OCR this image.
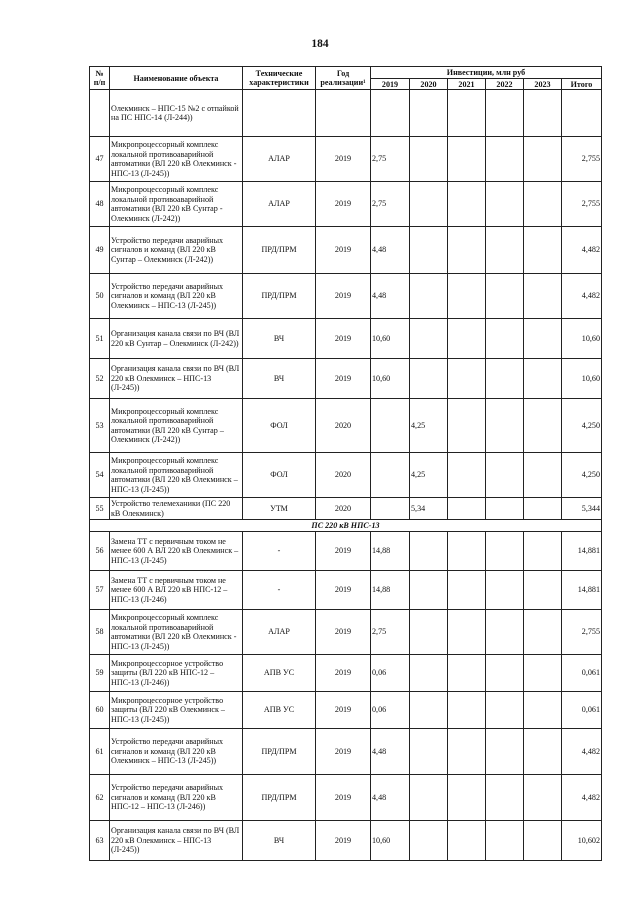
184
№ п/п	Наименование объекта	Технические характеристики	Год реализации¹	Инвестиции, млн руб					
				2019	2020	2021	2022	2023	Итого
	Олекминск – НПС-15 №2 с отпайкой на ПС НПС-14 (Л-244))								
47	Микропроцессорный комплекс локальной противоаварийной автоматики (ВЛ 220 кВ Олекминск - НПС-13 (Л-245))	АЛАР	2019	2,75					2,755
48	Микропроцессорный комплекс локальной противоаварийной автоматики (ВЛ 220 кВ Сунтар - Олекминск (Л-242))	АЛАР	2019	2,75					2,755
49	Устройство передачи аварийных сигналов и команд (ВЛ 220 кВ Сунтар – Олекминск (Л-242))	ПРД/ПРМ	2019	4,48					4,482
50	Устройство передачи аварийных сигналов и команд (ВЛ 220 кВ Олекминск – НПС-13 (Л-245))	ПРД/ПРМ	2019	4,48					4,482
51	Организация канала связи по ВЧ (ВЛ 220 кВ Сунтар – Олекминск (Л-242))	ВЧ	2019	10,60					10,60
52	Организация канала связи по ВЧ (ВЛ 220 кВ Олекминск – НПС-13 (Л-245))	ВЧ	2019	10,60					10,60
53	Микропроцессорный комплекс локальной противоаварийной автоматики (ВЛ 220 кВ Сунтар – Олекминск (Л-242))	ФОЛ	2020		4,25				4,250
54	Микропроцессорный комплекс локальной противоаварийной автоматики (ВЛ 220 кВ Олекминск – НПС-13 (Л-245))	ФОЛ	2020		4,25				4,250
55	Устройство телемеханики (ПС 220 кВ Олекминск)	УТМ	2020		5,34				5,344
ПС 220 кВ НПС-13									
56	Замена ТТ с первичным током не менее 600 А ВЛ 220 кВ Олекминск – НПС-13 (Л-245)	-	2019	14,88					14,881
57	Замена ТТ с первичным током не менее 600 А ВЛ 220 кВ НПС-12 – НПС-13 (Л-246)	-	2019	14,88					14,881
58	Микропроцессорный комплекс локальной противоаварийной автоматики (ВЛ 220 кВ Олекминск - НПС-13 (Л-245))	АЛАР	2019	2,75					2,755
59	Микропроцессорное устройство защиты (ВЛ 220 кВ НПС-12 – НПС-13 (Л-246))	АПВ УС	2019	0,06					0,061
60	Микропроцессорное устройство защиты (ВЛ 220 кВ Олекминск – НПС-13 (Л-245))	АПВ УС	2019	0,06					0,061
61	Устройство передачи аварийных сигналов и команд (ВЛ 220 кВ Олекминск – НПС-13 (Л-245))	ПРД/ПРМ	2019	4,48					4,482
62	Устройство передачи аварийных сигналов и команд (ВЛ 220 кВ НПС-12 – НПС-13 (Л-246))	ПРД/ПРМ	2019	4,48					4,482
63	Организация канала связи по ВЧ (ВЛ 220 кВ Олекминск – НПС-13 (Л-245))	ВЧ	2019	10,60					10,602
